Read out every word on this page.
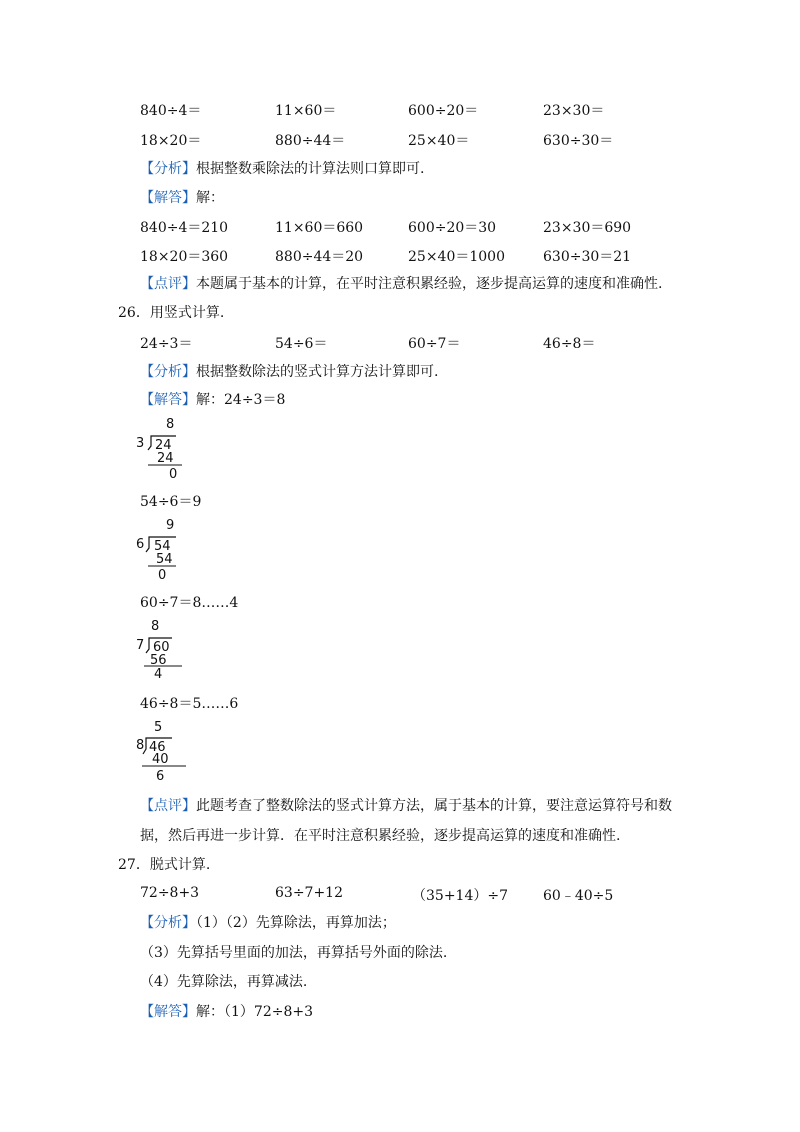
840÷4＝	11×60＝	600÷20＝	23×30＝
18×20＝	880÷44＝	25×40＝	630÷30＝
【分析】根据整数乘除法的计算法则口算即可.
【解答】解：
840÷4＝210	11×60＝660	600÷20＝30	23×30＝690
18×20＝360	880÷44＝20	25×40＝1000	630÷30＝21
【点评】本题属于基本的计算，在平时注意积累经验，逐步提高运算的速度和准确性.
26．用竖式计算.
24÷3＝	54÷6＝	60÷7＝	46÷8＝
【分析】根据整数除法的竖式计算方法计算即可.
【解答】解：24÷3＝8
8
3 24
24
0
54÷6＝9
9
6 54
54
0
60÷7＝8……4
8
7 60
56
4
46÷8＝5……6
5
8 46
40
6
【点评】此题考查了整数除法的竖式计算方法，属于基本的计算，要注意运算符号和数
据，然后再进一步计算．在平时注意积累经验，逐步提高运算的速度和准确性.
27．脱式计算.
72÷8+3	63÷7+12	（35+14）÷7	60﹣40÷5
【分析】（1）（2）先算除法，再算加法；
（3）先算括号里面的加法，再算括号外面的除法.
（4）先算除法，再算减法.
【解答】解：（1）72÷8+3
